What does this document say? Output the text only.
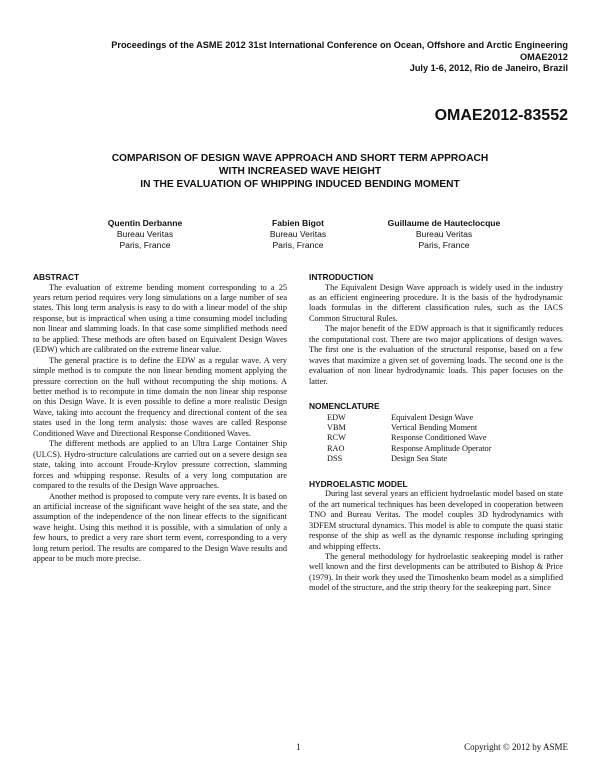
Proceedings of the ASME 2012 31st International Conference on Ocean, Offshore and Arctic Engineering
OMAE2012
July 1-6, 2012, Rio de Janeiro, Brazil
OMAE2012-83552
COMPARISON OF DESIGN WAVE APPROACH AND SHORT TERM APPROACH
WITH INCREASED WAVE HEIGHT
IN THE EVALUATION OF WHIPPING INDUCED BENDING MOMENT
Quentin Derbanne
Bureau Veritas
Paris, France
Fabien Bigot
Bureau Veritas
Paris, France
Guillaume de Hauteclocque
Bureau Veritas
Paris, France
ABSTRACT

The evaluation of extreme bending moment corresponding to a 25 years return period requires very long simulations on a large number of sea states. This long term analysis is easy to do with a linear model of the ship response, but is impractical when using a time consuming model including non linear and slamming loads. In that case some simplified methods need to be applied. These methods are often based on Equivalent Design Waves (EDW) which are calibrated on the extreme linear value.

The general practice is to define the EDW as a regular wave. A very simple method is to compute the non linear bending moment applying the pressure correction on the hull without recomputing the ship motions. A better method is to recompute in time domain the non linear ship response on this Design Wave. It is even possible to define a more realistic Design Wave, taking into account the frequency and directional content of the sea states used in the long term analysis: those waves are called Response Conditioned Wave and Directional Response Conditioned Waves.

The different methods are applied to an Ultra Large Container Ship (ULCS). Hydro-structure calculations are carried out on a severe design sea state, taking into account Froude-Krylov pressure correction, slamming forces and whipping response. Results of a very long computation are compared to the results of the Design Wave approaches.

Another method is proposed to compute very rare events. It is based on an artificial increase of the significant wave height of the sea state, and the assumption of the independence of the non linear effects to the significant wave height. Using this method it is possible, with a simulation of only a few hours, to predict a very rare short term event, corresponding to a very long return period. The results are compared to the Design Wave results and appear to be much more precise.

INTRODUCTION

The Equivalent Design Wave approach is widely used in the industry as an efficient engineering procedure. It is the basis of the hydrodynamic loads formulas in the different classification rules, such as the IACS Common Structural Rules.

The major benefit of the EDW approach is that it significantly reduces the computational cost. There are two major applications of design waves. The first one is the evaluation of the structural response, based on a few waves that maximize a given set of governing loads. The second one is the evaluation of non linear hydrodynamic loads. This paper focuses on the latter.

NOMENCLATURE
EDW	Equivalent Design Wave
VBM	Vertical Bending Moment
RCW	Response Conditioned Wave
RAO	Response Amplitude Operator
DSS	Design Sea State
HYDROELASTIC MODEL

During last several years an efficient hydroelastic model based on state of the art numerical techniques has been developed in cooperation between TNO and Bureau Veritas. The model couples 3D hydrodynamics with 3DFEM structural dynamics. This model is able to compute the quasi static response of the ship as well as the dynamic response including springing and whipping effects.

The general methodology for hydroelastic seakeeping model is rather well known and the first developments can be attributed to Bishop & Price (1979). In their work they used the Timoshenko beam model as a simplified model of the structure, and the strip theory for the seakeeping part. Since

1	Copyright © 2012 by ASME
